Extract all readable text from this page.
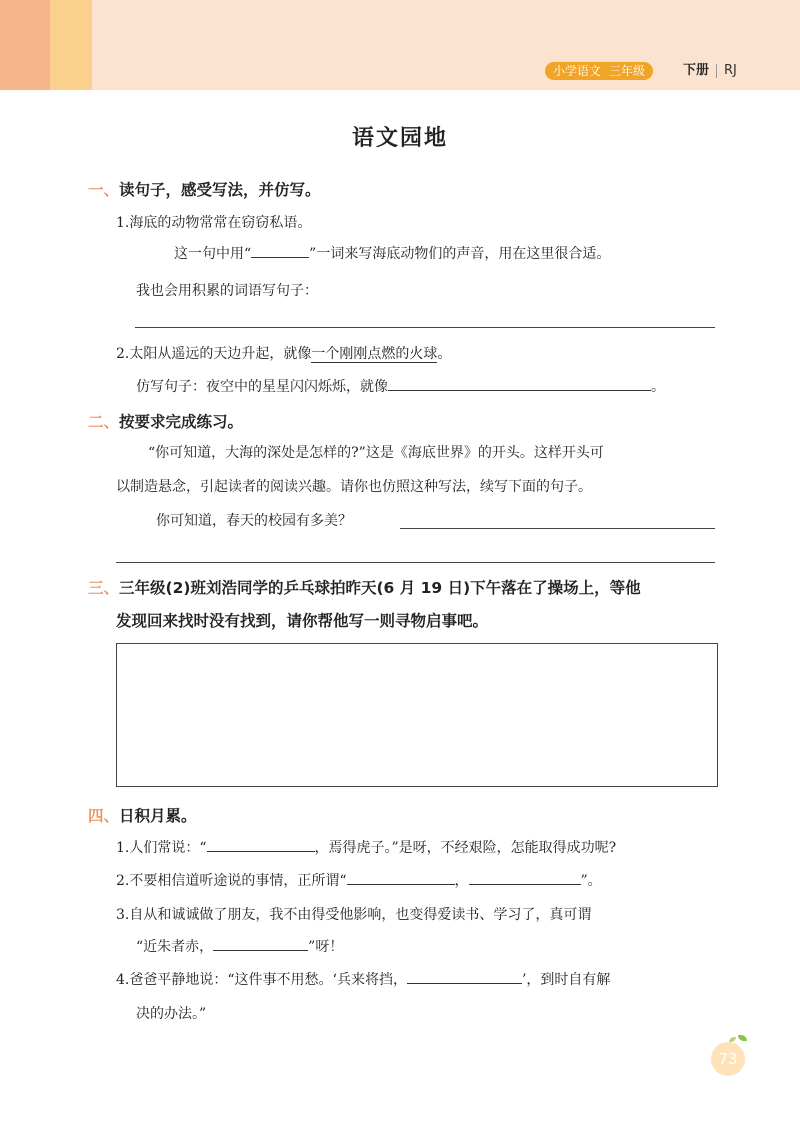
小学语文 三年级	下册 RJ
语文园地
一、读句子，感受写法，并仿写。
1.海底的动物常常在窃窃私语。
这一句中用“	”一词来写海底动物们的声音，用在这里很合适。
我也会用积累的词语写句子：
2.太阳从遥远的天边升起，就像一个刚刚点燃的火球。
仿写句子：夜空中的星星闪闪烁烁，就像	。
二、按要求完成练习。
“你可知道，大海的深处是怎样的?”这是《海底世界》的开头。这样开头可
以制造悬念，引起读者的阅读兴趣。请你也仿照这种写法，续写下面的句子。
你可知道，春天的校园有多美？
三、三年级(2)班刘浩同学的乒乓球拍昨天(6 月 19 日)下午落在了操场上，等他
发现回来找时没有找到，请你帮他写一则寻物启事吧。
四、日积月累。
1.人们常说：“	，焉得虎子。”是呀，不经艰险，怎能取得成功呢?
2.不要相信道听途说的事情，正所谓“	，	”。
3.自从和诚诚做了朋友，我不由得受他影响，也变得爱读书、学习了，真可谓
“近朱者赤，	”呀！
4.爸爸平静地说：“这件事不用愁。‘兵来将挡，	’，到时自有解
决的办法。”
73
